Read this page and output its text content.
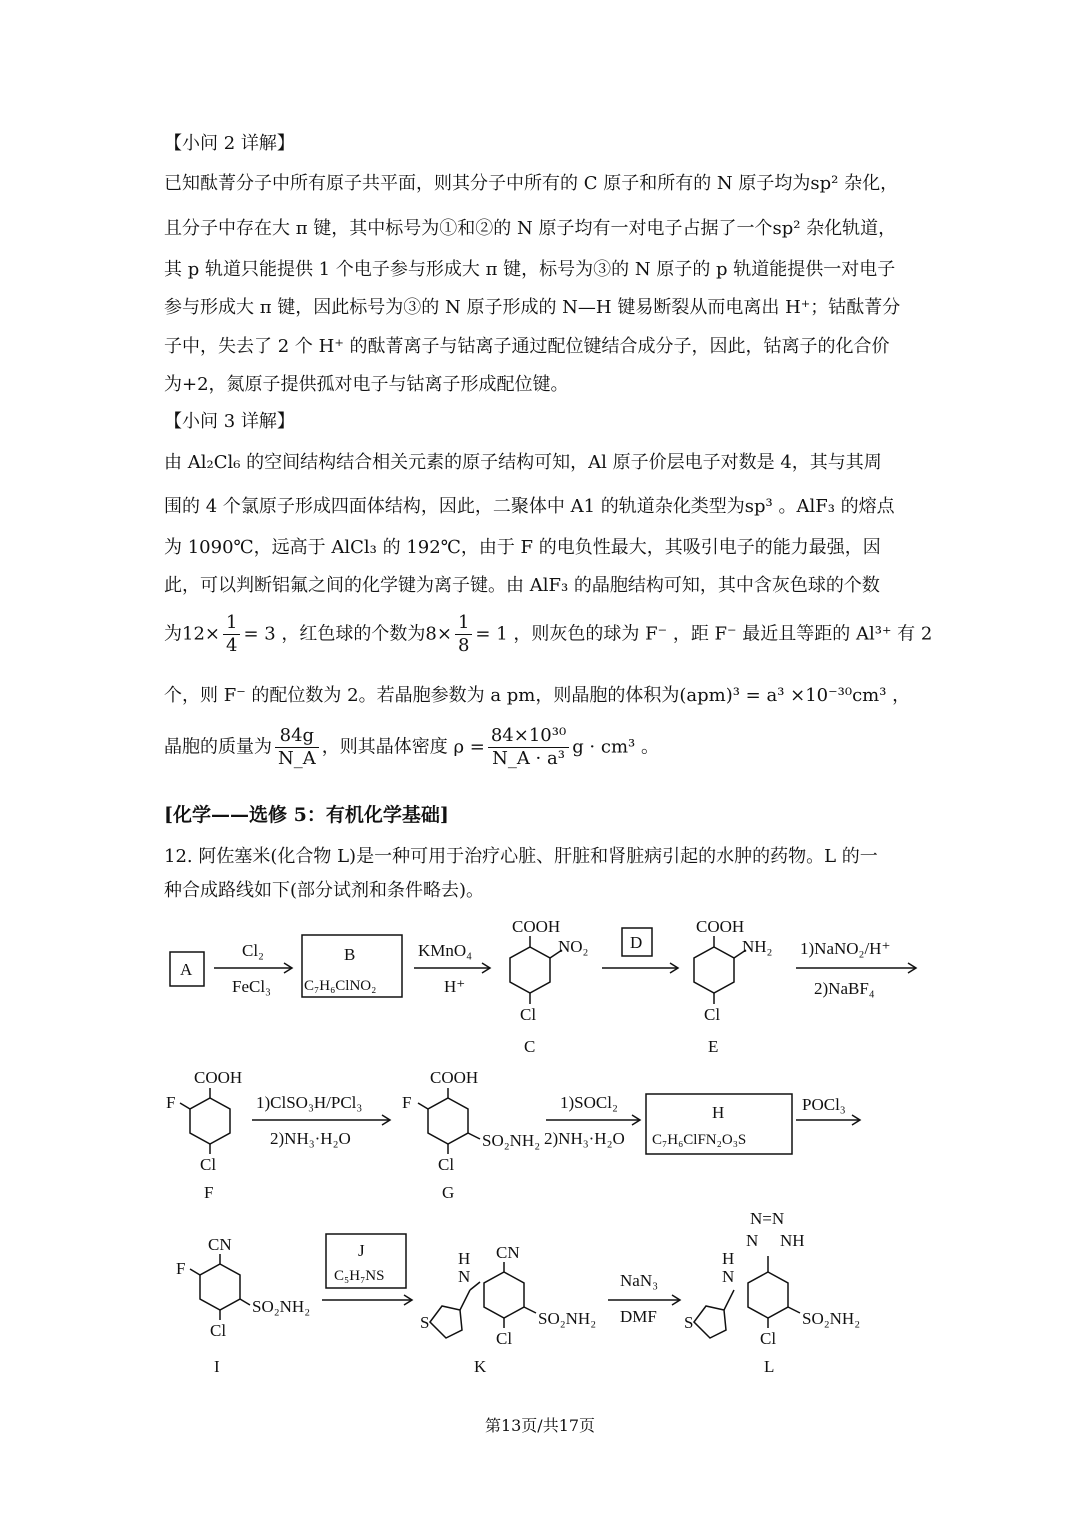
【小问 2 详解】
已知酞菁分子中所有原子共平面，则其分子中所有的 C 原子和所有的 N 原子均为sp² 杂化，
且分子中存在大 π 键，其中标号为①和②的 N 原子均有一对电子占据了一个sp² 杂化轨道，
其 p 轨道只能提供 1 个电子参与形成大 π 键，标号为③的 N 原子的 p 轨道能提供一对电子
参与形成大 π 键，因此标号为③的 N 原子形成的 N—H 键易断裂从而电离出 H⁺；钴酞菁分
子中，失去了 2 个 H⁺ 的酞菁离子与钴离子通过配位键结合成分子，因此，钴离子的化合价
为+2，氮原子提供孤对电子与钴离子形成配位键。
【小问 3 详解】
由 Al₂Cl₆ 的空间结构结合相关元素的原子结构可知，Al 原子价层电子对数是 4，其与其周
围的 4 个氯原子形成四面体结构，因此，二聚体中 A1 的轨道杂化类型为sp³ 。AlF₃ 的熔点
为 1090℃，远高于 AlCl₃ 的 192℃，由于 F 的电负性最大，其吸引电子的能力最强，因
此，可以判断铝氟之间的化学键为离子键。由 AlF₃ 的晶胞结构可知，其中含灰色球的个数
为$12\times \frac{1}{4} = 3$ ，红色球的个数为$8\times \frac{1}{8} = 1$ ，则灰色的球为 F⁻ ，距 F⁻ 最近且等距的 Al³⁺ 有 2
个，则 F⁻ 的配位数为 2。若晶胞参数为 a pm，则晶胞的体积为(apm)³ = a³ ×10⁻³⁰cm³ ，
晶胞的质量为 $\frac{84g}{N\_A}$ ，则其晶体密度 $\rho = \frac{\text{84×10³⁰}}{\text{N\_A · a³}}$ g · cm³ 。
[化学——选修 5：有机化学基础]
12. 阿佐塞米(化合物 L)是一种可用于治疗心脏、肝脏和肾脏病引起的水肿的药物。L 的一
种合成路线如下(部分试剂和条件略去)。
A
Cl₂
FeCl₃
B
C₇H₆ClNO₂
KMnO₄
H⁺
COOH
NO₂
Cl
C
D
COOH
NH₂
Cl
E
1)NaNO₂/H⁺
2)NaBF₄
COOH
F
Cl
F
1)ClSO₃H/PCl₃
2)NH₃·H₂O
COOH
F
SO₂NH₂
Cl
G
1)SOCl₂
2)NH₃·H₂O
H
C₇H₆ClFN₂O₃S
POCl₃
CN
F
SO₂NH₂
Cl
I
J
C₅H₇NS
H
N
S
CN
SO₂NH₂
Cl
K
NaN₃
DMF
N=N
N NH
H
N
S	SO₂NH₂
Cl
L
第13页/共17页
